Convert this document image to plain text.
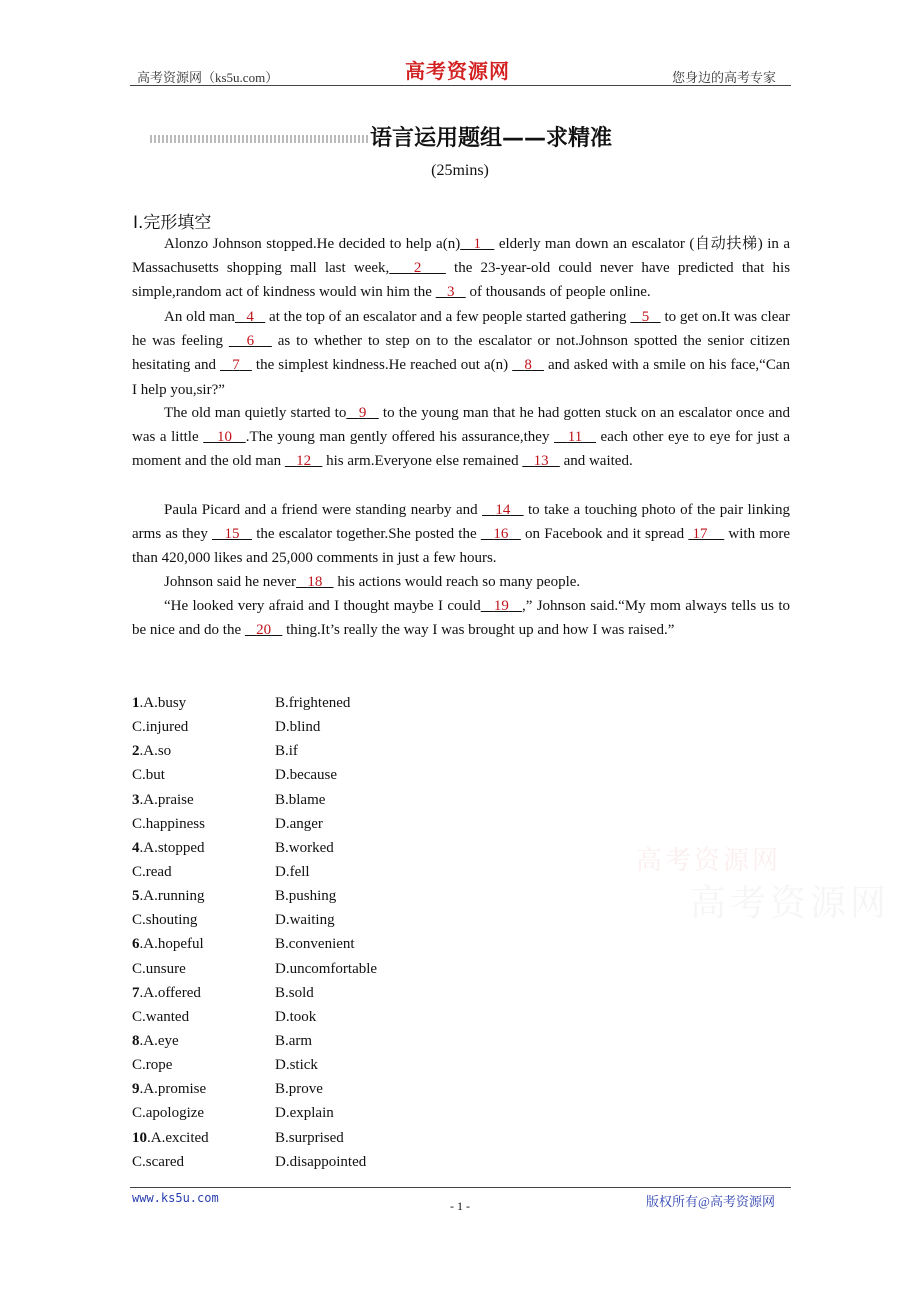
高考资源网（ks5u.com）	高考资源网	您身边的高考专家
语言运用题组——求精准
(25mins)
Ⅰ.完形填空

Alonzo Johnson stopped.He decided to help a(n) 1    elderly man down an escalator (自动扶梯) in a Massachusetts shopping mall last week, 2    the 23-year-old could never have predicted that his simple,random act of kindness would win him the    3    of thousands of people online.

An old man 4    at the top of an escalator and a few people started gathering    5    to get on.It was clear he was feeling    6    as to whether to step on to the escalator or not.Johnson spotted the senior citizen hesitating and    7    the simplest kindness.He reached out a(n)    8    and asked with a smile on his face,“Can I help you,sir?”

The old man quietly started to 9    to the young man that he had gotten stuck on an escalator once and was a little    10 .The young man gently offered his assurance,they    11    each other eye to eye for just a moment and the old man    12    his arm.Everyone else remained    13    and waited.

Paula Picard and a friend were standing nearby and    14    to take a touching photo of the pair linking arms as they    15    the escalator together.She posted the    16    on Facebook and it spread  17     with more than 420,000 likes and 25,000 comments in just a few hours.

Johnson said he never 18    his actions would reach so many people.

“He looked very afraid and I thought maybe I could 19 ,” Johnson said.“My mom always tells us to be nice and do the    20    thing.It’s really the way I was brought up and how I was raised.”

1.A.busy	B.frightened
C.injured	D.blind
2.A.so	B.if
C.but	D.because
3.A.praise	B.blame
C.happiness	D.anger
4.A.stopped	B.worked
C.read	D.fell
5.A.running	B.pushing
C.shouting	D.waiting
6.A.hopeful	B.convenient
C.unsure	D.uncomfortable
7.A.offered	B.sold
C.wanted	D.took
8.A.eye	B.arm
C.rope	D.stick
9.A.promise	B.prove
C.apologize	D.explain
10.A.excited	B.surprised
C.scared	D.disappointed
高考资源网
高考资源网
www.ks5u.com
- 1 -	版权所有@高考资源网
